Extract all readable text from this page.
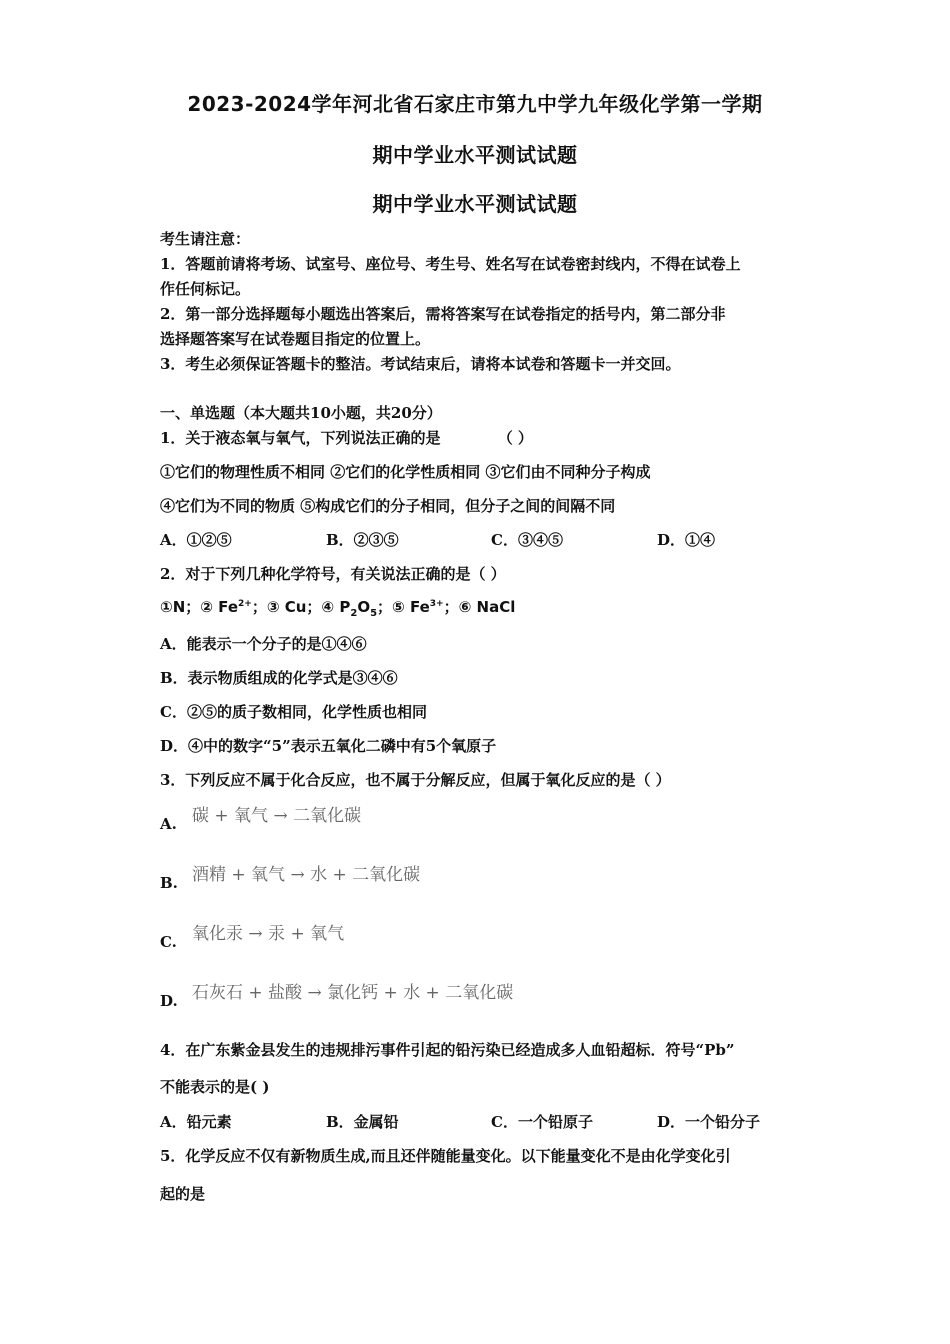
2023-2024学年河北省石家庄市第九中学九年级化学第一学期
期中学业水平测试试题
期中学业水平测试试题
考生请注意：
1．答题前请将考场、试室号、座位号、考生号、姓名写在试卷密封线内，不得在试卷上
作任何标记。
2．第一部分选择题每小题选出答案后，需将答案写在试卷指定的括号内，第二部分非
选择题答案写在试卷题目指定的位置上。
3．考生必须保证答题卡的整洁。考试结束后，请将本试卷和答题卡一并交回。
一、单选题（本大题共10小题，共20分）
1．关于液态氧与氧气，下列说法正确的是	（ ）
①它们的物理性质不相同 ②它们的化学性质相同 ③它们由不同种分子构成
④它们为不同的物质 ⑤构成它们的分子相同，但分子之间的间隔不同
A．①②⑤	B．②③⑤	C．③④⑤	D．①④
2．对于下列几种化学符号，有关说法正确的是（ ）
①N；② $Fe^{2+}$；③ Cu；④ $P_2O_5$；⑤ $Fe^{3+}$；⑥ NaCl
A．能表示一个分子的是①④⑥
B．表示物质组成的化学式是③④⑥
C．②⑤的质子数相同，化学性质也相同
D．④中的数字“5”表示五氧化二磷中有5个氧原子
3．下列反应不属于化合反应，也不属于分解反应，但属于氧化反应的是（ ）
碳 + 氧气 → 二氧化碳
A.
酒精 + 氧气 → 水 + 二氧化碳
B.
氧化汞 → 汞 + 氧气
C.
石灰石 + 盐酸 → 氯化钙 + 水 + 二氧化碳
D.
4．在广东紫金县发生的违规排污事件引起的铅污染已经造成多人血铅超标．符号“Pb”
不能表示的是( )
A．铅元素	B．金属铅	C．一个铅原子	D．一个铅分子
5．化学反应不仅有新物质生成,而且还伴随能量变化。以下能量变化不是由化学变化引
起的是
